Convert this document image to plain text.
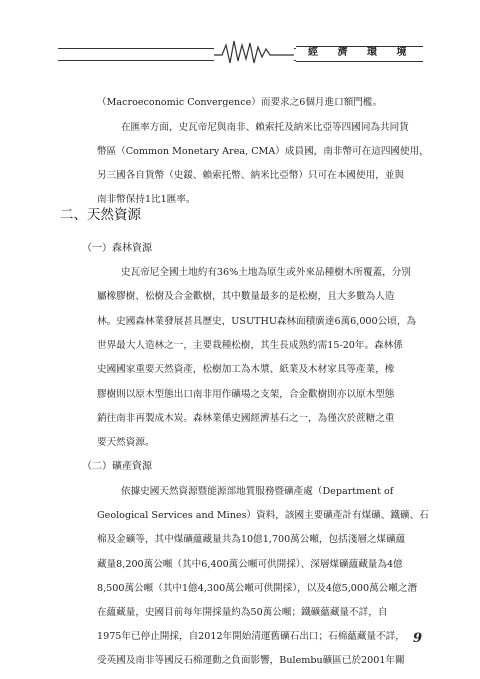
經 濟 環 境
（Macroeconomic Convergence）而要求之6個月進口額門檻。
在匯率方面，史瓦帝尼與南非、賴索托及納米比亞等四國同為共同貨
幣區（Common Monetary Area, CMA）成員國，南非幣可在這四國使用，
另三國各自貨幣（史鍰、賴索托幣、納米比亞幣）只可在本國使用，並與
南非幣保持1比1匯率。
二、天然資源
（一）森林資源
史瓦帝尼全國土地約有36%土地為原生或外來品種樹木所覆蓋，分別
屬橡膠樹、松樹及合金歡樹，其中數量最多的是松樹，且大多數為人造
林。史國森林業發展甚具歷史，USUTHU森林面積廣達6萬6,000公頃，為
世界最大人造林之一，主要栽種松樹，其生長成熟約需15-20年。森林係
史國國家重要天然資產，松樹加工為木漿、紙業及木材家具等產業，橡
膠樹則以原木型態出口南非用作礦場之支架，合金歡樹則亦以原木型態
銷往南非再製成木炭。森林業係史國經濟基石之一，為僅次於蔗糖之重
要天然資源。
（二）礦產資源
依據史國天然資源暨能源部地質服務暨礦產處（Department of
Geological Services and Mines）資料，該國主要礦產計有煤礦、鐵礦、石
棉及金礦等，其中煤礦蘊藏量共為10億1,700萬公噸，包括淺層之煤礦蘊
藏量8,200萬公噸（其中6,400萬公噸可供開採）、深層煤礦蘊藏量為4億
8,500萬公噸（其中1億4,300萬公噸可供開採），以及4億5,000萬公噸之潛
在蘊藏量，史國目前每年開採量約為50萬公噸；鐵礦蘊藏量不詳，自
1975年已停止開採，自2012年開始清運舊礦石出口；石棉蘊藏量不詳，
受英國及南非等國反石棉運動之負面影響，Bulembu礦區已於2001年關
9
